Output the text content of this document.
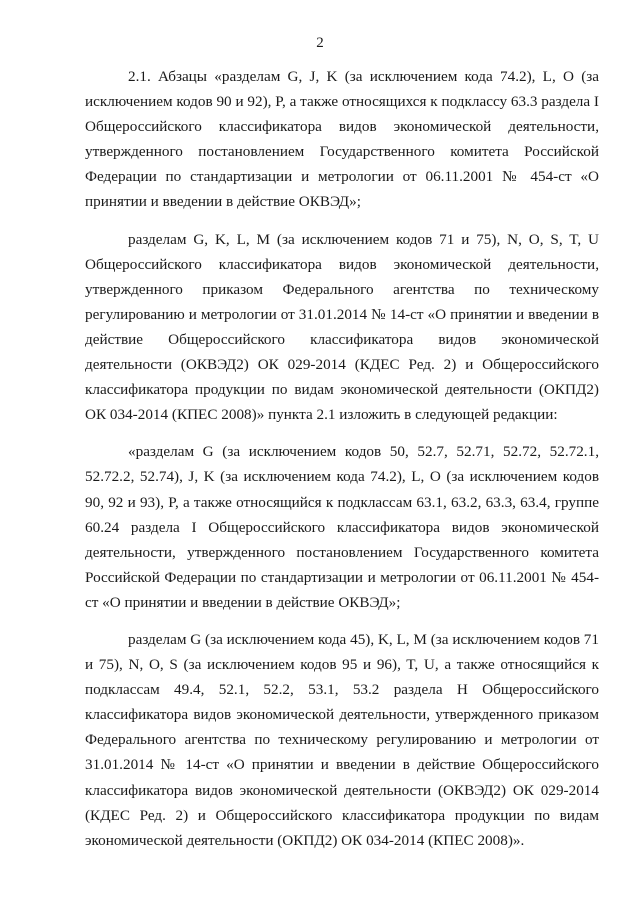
2

2.1. Абзацы «разделам G, J, K (за исключением кода 74.2), L, O (за исключением кодов 90 и 92), P, а также относящихся к подклассу 63.3 раздела I Общероссийского классификатора видов экономической деятельности, утвержденного постановлением Государственного комитета Российской Федерации по стандартизации и метрологии от 06.11.2001 № 454-ст «О принятии и введении в действие ОКВЭД»;

разделам G, K, L, M (за исключением кодов 71 и 75), N, O, S, T, U Общероссийского классификатора видов экономической деятельности, утвержденного приказом Федерального агентства по техническому регулированию и метрологии от 31.01.2014 № 14-ст «О принятии и введении в действие Общероссийского классификатора видов экономической деятельности (ОКВЭД2) ОК 029-2014 (КДЕС Ред. 2) и Общероссийского классификатора продукции по видам экономической деятельности (ОКПД2) ОК 034-2014 (КПЕС 2008)» пункта 2.1 изложить в следующей редакции:

«разделам G (за исключением кодов 50, 52.7, 52.71, 52.72, 52.72.1, 52.72.2, 52.74), J, K (за исключением кода 74.2), L, O (за исключением кодов 90, 92 и 93), P, а также относящийся к подклассам 63.1, 63.2, 63.3, 63.4, группе 60.24 раздела I Общероссийского классификатора видов экономической деятельности, утвержденного постановлением Государственного комитета Российской Федерации по стандартизации и метрологии от 06.11.2001 № 454-ст «О принятии и введении в действие ОКВЭД»;

разделам G (за исключением кода 45), K, L, M (за исключением кодов 71 и 75), N, O, S (за исключением кодов 95 и 96), T, U, а также относящийся к подклассам 49.4, 52.1, 52.2, 53.1, 53.2 раздела H Общероссийского классификатора видов экономической деятельности, утвержденного приказом Федерального агентства по техническому регулированию и метрологии от 31.01.2014 № 14-ст «О принятии и введении в действие Общероссийского классификатора видов экономической деятельности (ОКВЭД2) ОК 029-2014 (КДЕС Ред. 2) и Общероссийского классификатора продукции по видам экономической деятельности (ОКПД2) ОК 034-2014 (КПЕС 2008)».
